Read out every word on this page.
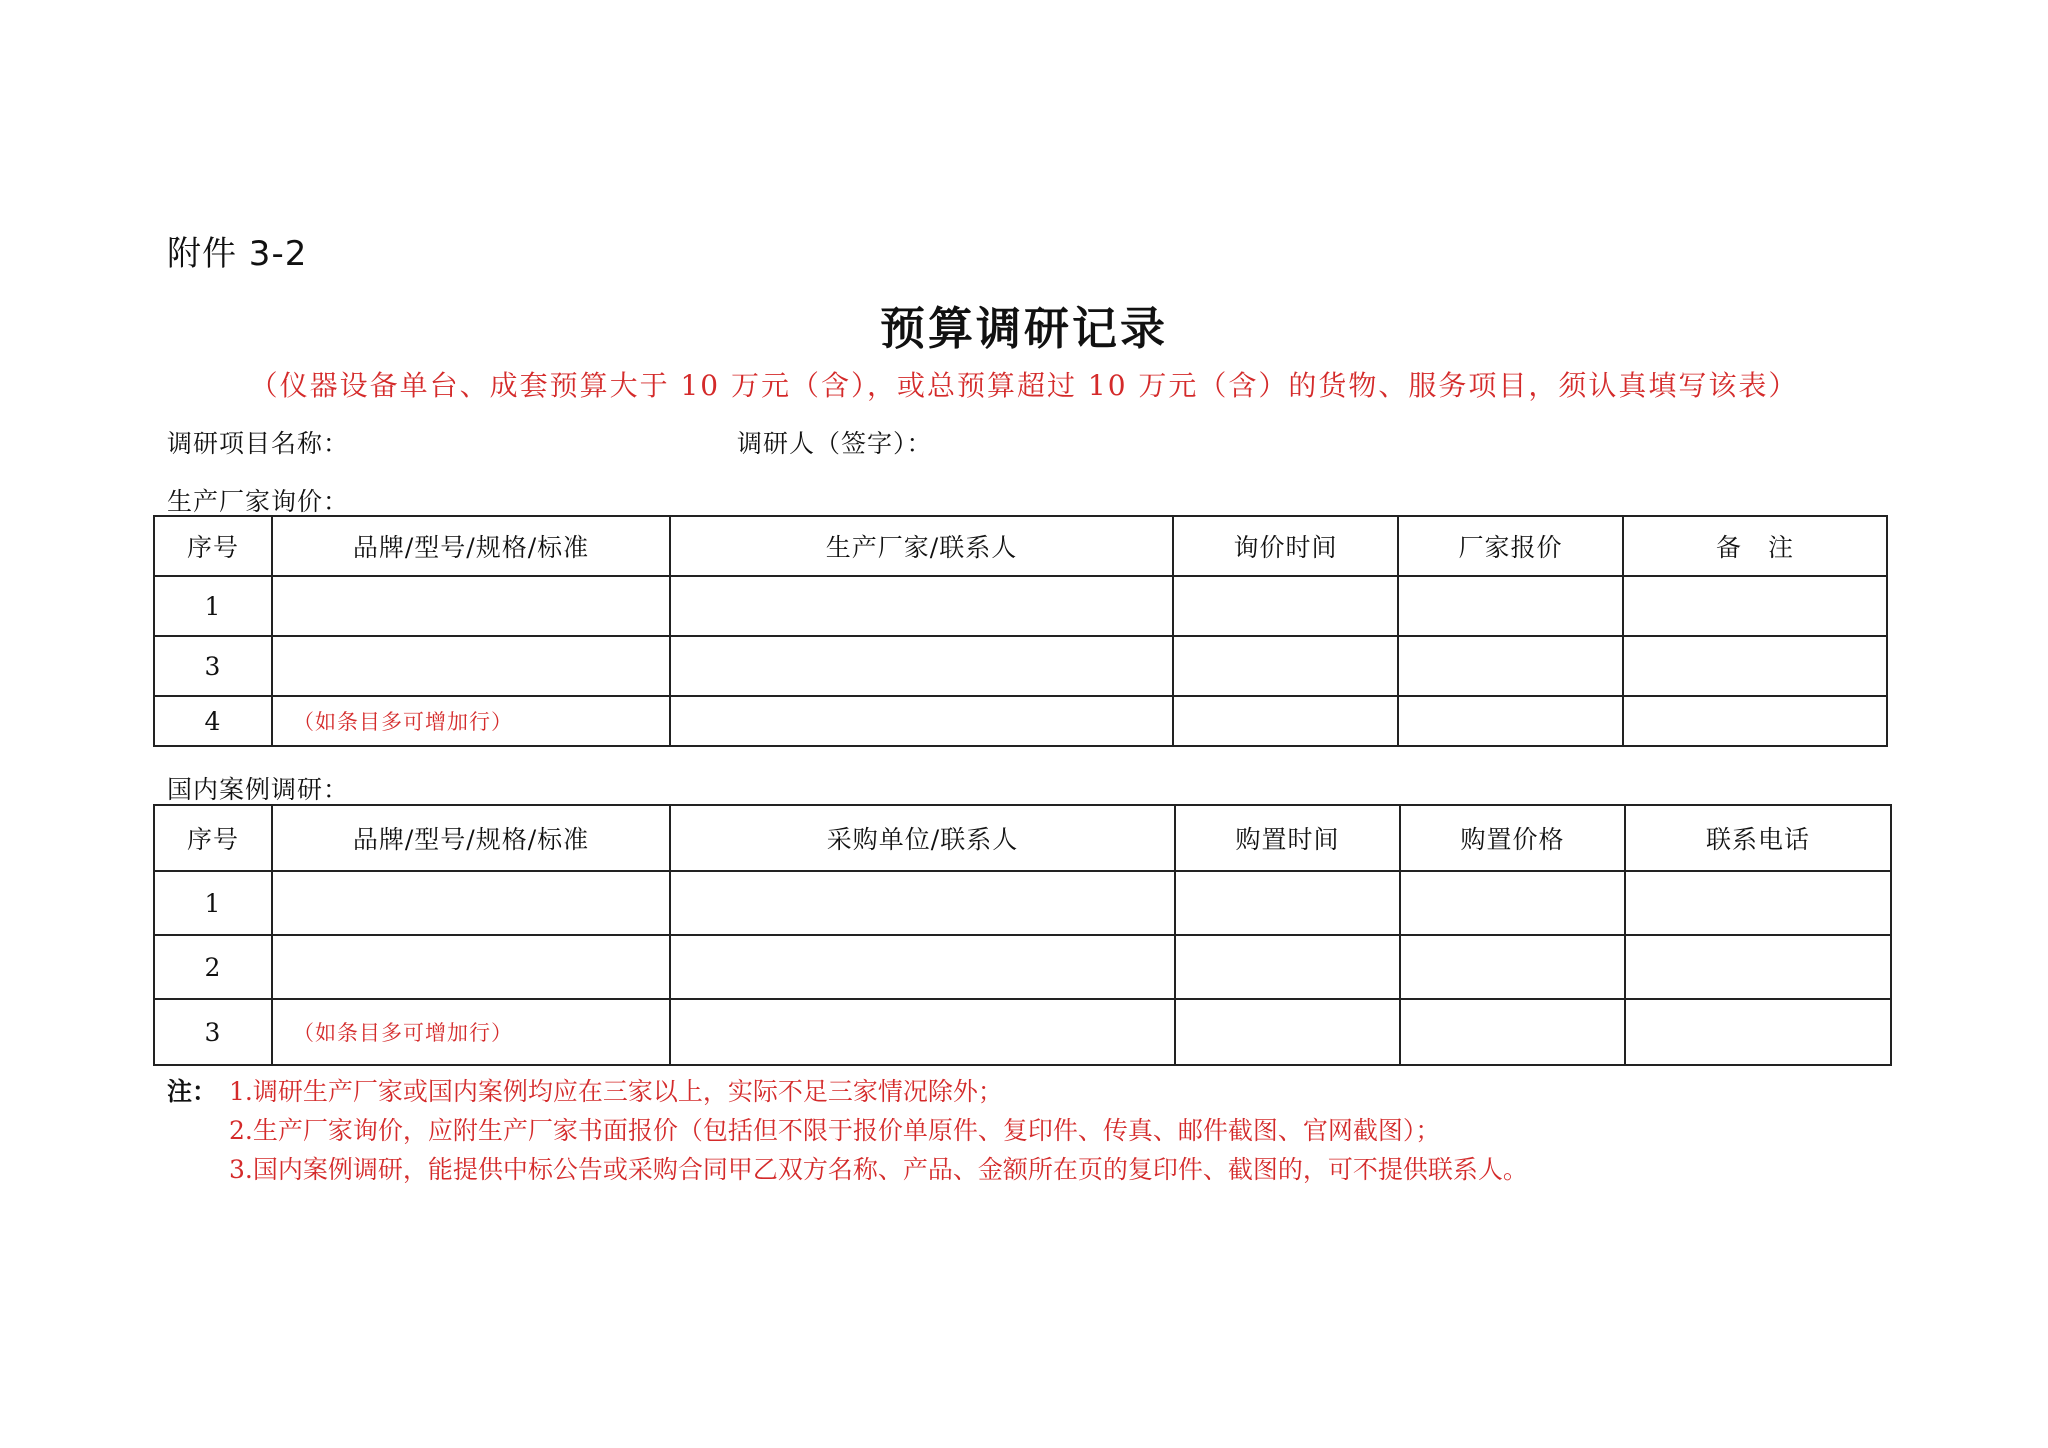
附件 3-2
预算调研记录
（仪器设备单台、成套预算大于 10 万元（含），或总预算超过 10 万元（含）的货物、服务项目，须认真填写该表）
调研项目名称：	调研人（签字）：
生产厂家询价：
序号	品牌/型号/规格/标准	生产厂家/联系人	询价时间	厂家报价	备　注
1					
3					
4	（如条目多可增加行）				
国内案例调研：
序号	品牌/型号/规格/标准	采购单位/联系人	购置时间	购置价格	联系电话
1					
2					
3	（如条目多可增加行）				
注： 1.调研生产厂家或国内案例均应在三家以上，实际不足三家情况除外；
2.生产厂家询价，应附生产厂家书面报价（包括但不限于报价单原件、复印件、传真、邮件截图、官网截图）；
3.国内案例调研，能提供中标公告或采购合同甲乙双方名称、产品、金额所在页的复印件、截图的，可不提供联系人。
